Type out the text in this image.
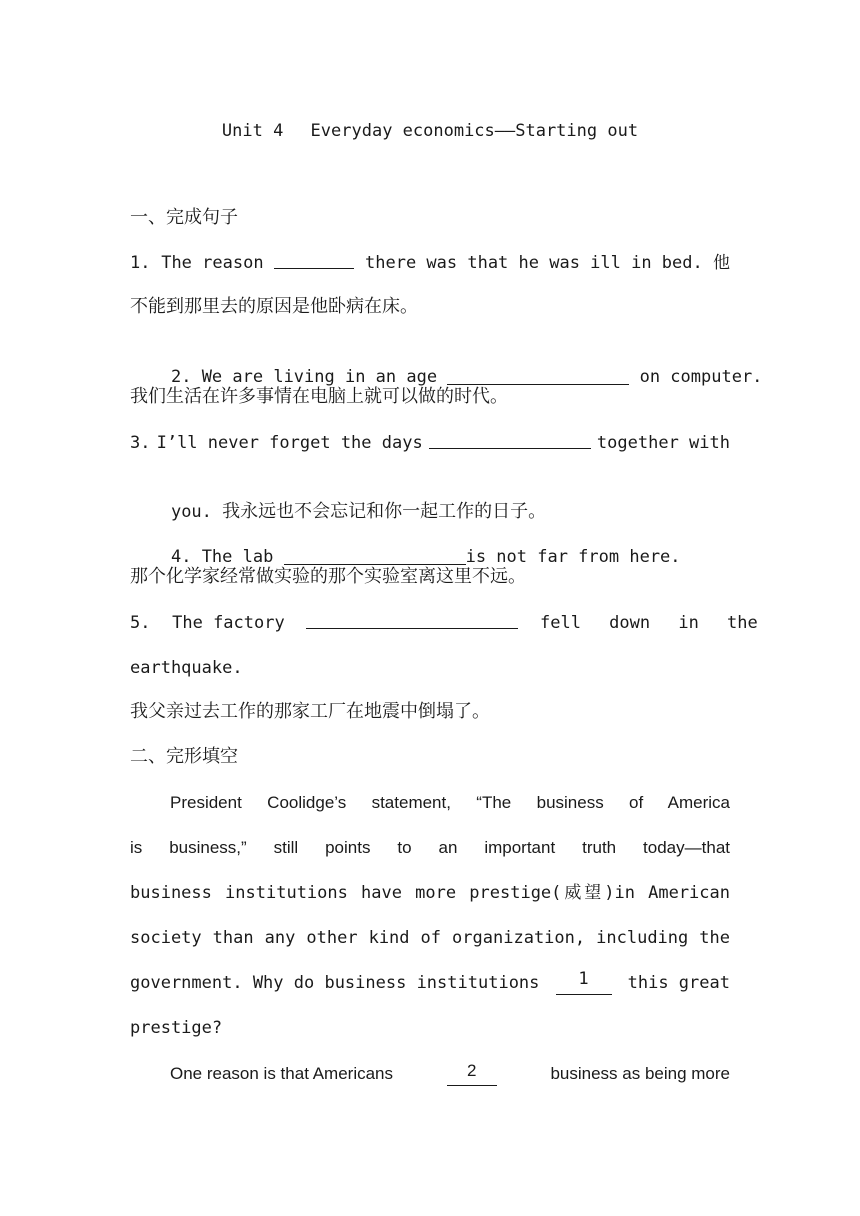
Unit 4　 Everyday economics——Starting out
一、完成句子
1. The reason	there was that he was ill in bed. 他
不能到那里去的原因是他卧病在床。

2. We are living in an age	on computer.

我们生活在许多事情在电脑上就可以做的时代。
3. I’ll never forget the days	together with

you. 我永远也不会忘记和你一起工作的日子。

4. The lab	is not far from here.

那个化学家经常做实验的那个实验室离这里不远。
5. The factory	fell down in the
earthquake.
我父亲过去工作的那家工厂在地震中倒塌了。
二、完形填空
President Coolidge’s statement, “The business of America
is business,” still points to an important truth today—that
business institutions have more prestige(威望)in American
society than any other kind of organization, including the
government. Why do business institutions	1	this great
prestige?
One reason is that Americans	2	business as being more
